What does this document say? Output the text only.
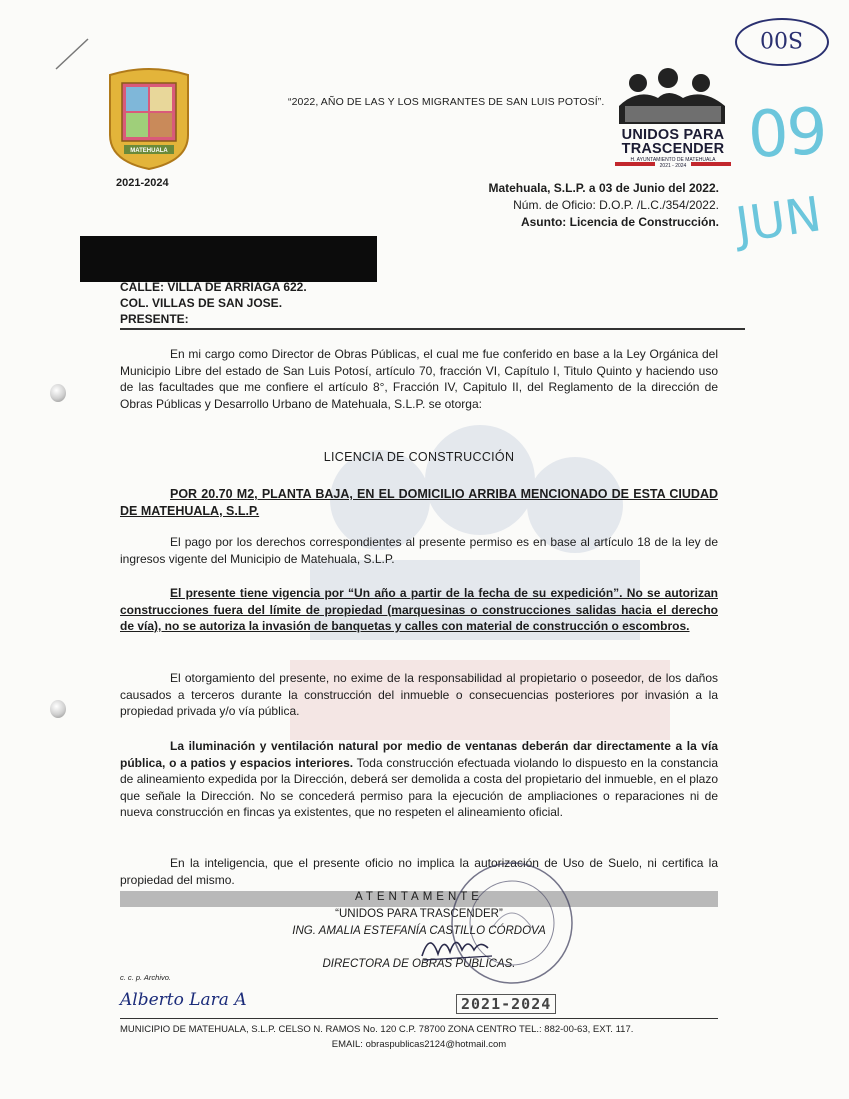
MATEHUALA
“2022, AÑO DE LAS Y LOS MIGRANTES DE SAN LUIS POTOSÍ”.
2021-2024
UNIDOS PARA
TRASCENDER
H. AYUNTAMIENTO DE MATEHUALA
2021 - 2024
S00
09
JUN
Matehuala, S.L.P. a 03 de Junio del 2022.
Núm. de Oficio: D.O.P. /L.C./354/2022.
Asunto: Licencia de Construcción.
CALLE: VILLA DE ARRIAGA 622.
COL. VILLAS DE SAN JOSE.
PRESENTE:

En mi cargo como Director de Obras Públicas, el cual me fue conferido en base a la Ley Orgánica del Municipio Libre del estado de San Luis Potosí, artículo 70, fracción VI, Capítulo I, Titulo Quinto y haciendo uso de las facultades que me confiere el artículo 8°, Fracción IV, Capitulo II, del Reglamento de la dirección de Obras Públicas y Desarrollo Urbano de Matehuala, S.L.P. se otorga:

LICENCIA DE CONSTRUCCIÓN

POR 20.70 M2, PLANTA BAJA, EN EL DOMICILIO ARRIBA MENCIONADO DE ESTA CIUDAD DE MATEHUALA, S.L.P.

El pago por los derechos correspondientes al presente permiso es en base al artículo 18 de la ley de ingresos vigente del Municipio de Matehuala, S.L.P.

El presente tiene vigencia por “Un año a partir de la fecha de su expedición”. No se autorizan construcciones fuera del límite de propiedad (marquesinas o construcciones salidas hacia el derecho de vía), no se autoriza la invasión de banquetas y calles con material de construcción o escombros.

El otorgamiento del presente, no exime de la responsabilidad al propietario o poseedor, de los daños causados a terceros durante la construcción del inmueble o consecuencias posteriores por invasión a la propiedad privada y/o vía pública.

La iluminación y ventilación natural por medio de ventanas deberán dar directamente a la vía pública, o a patios y espacios interiores. Toda construcción efectuada violando lo dispuesto en la constancia de alineamiento expedida por la Dirección, deberá ser demolida a costa del propietario del inmueble, en el plazo que señale la Dirección. No se concederá permiso para la ejecución de ampliaciones o reparaciones ni de nueva construcción en fincas ya existentes, que no respeten el alineamiento oficial.

En la inteligencia, que el presente oficio no implica la autorización de Uso de Suelo, ni certifica la propiedad del mismo.

ATENTAMENTE
“UNIDOS PARA TRASCENDER”
ING. AMALIA ESTEFANÍA CASTILLO CÓRDOVA
DIRECTORA DE OBRAS PÚBLICAS.
2021-2024
c. c. p. Archivo.
Alberto Lara A
MUNICIPIO DE MATEHUALA, S.L.P. CELSO N. RAMOS No. 120 C.P. 78700 ZONA CENTRO TEL.: 882-00-63, EXT. 117.
EMAIL: obraspublicas2124@hotmail.com
